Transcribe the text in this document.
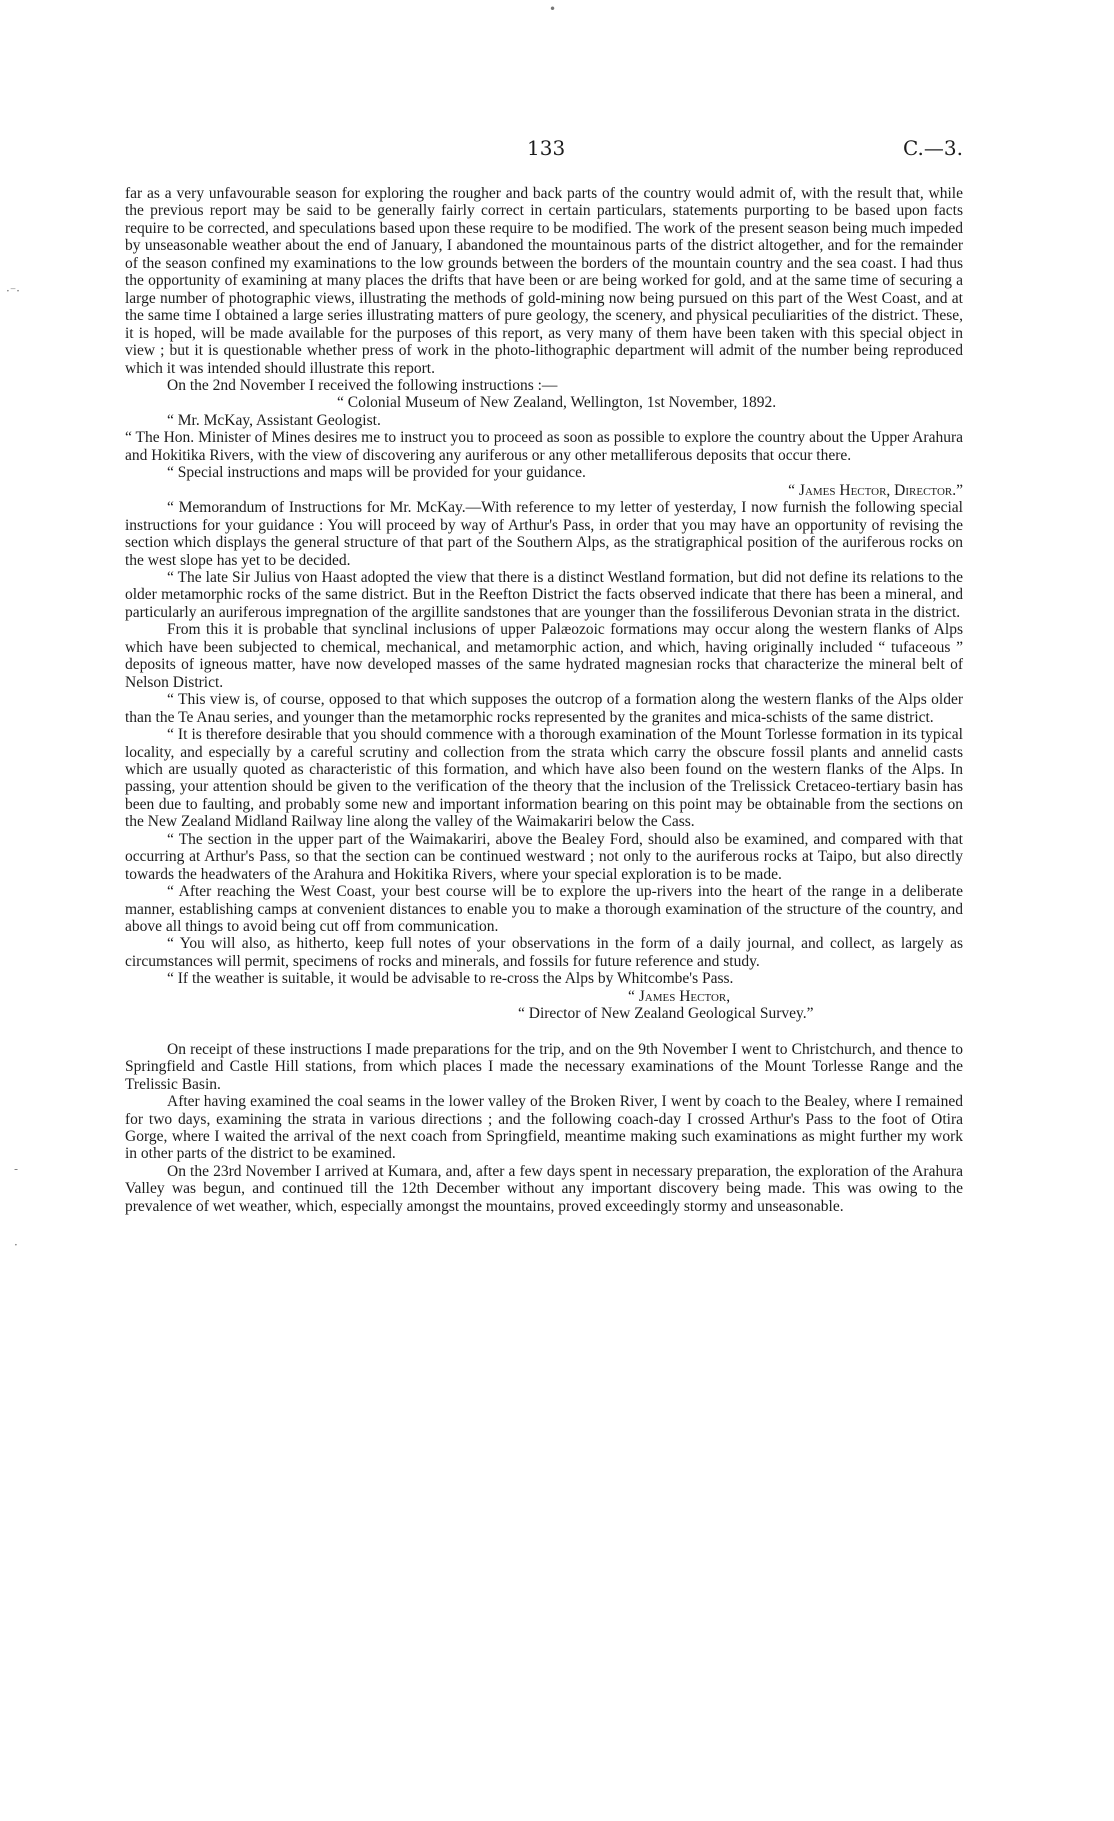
•
·⁻·
-
·
133	C.—3.

far as a very unfavourable season for exploring the rougher and back parts of the country would admit of, with the result that, while the previous report may be said to be generally fairly correct in certain particulars, statements purporting to be based upon facts require to be corrected, and speculations based upon these require to be modified. The work of the present season being much impeded by unseasonable weather about the end of January, I abandoned the mountainous parts of the district altogether, and for the remainder of the season confined my examinations to the low grounds between the borders of the mountain country and the sea coast. I had thus the opportunity of examining at many places the drifts that have been or are being worked for gold, and at the same time of securing a large number of photographic views, illustrating the methods of gold-mining now being pursued on this part of the West Coast, and at the same time I obtained a large series illustrating matters of pure geology, the scenery, and physical peculiarities of the district. These, it is hoped, will be made available for the purposes of this report, as very many of them have been taken with this special object in view ; but it is questionable whether press of work in the photo-lithographic department will admit of the number being reproduced which it was intended should illustrate this report.

On the 2nd November I received the following instructions :—

“ Colonial Museum of New Zealand, Wellington, 1st November, 1892.

“ Mr. McKay, Assistant Geologist.

“ The Hon. Minister of Mines desires me to instruct you to proceed as soon as possible to explore the country about the Upper Arahura and Hokitika Rivers, with the view of discovering any auriferous or any other metalliferous deposits that occur there.

“ Special instructions and maps will be provided for your guidance.

“ James Hector, Director.”

“ Memorandum of Instructions for Mr. McKay.—With reference to my letter of yesterday, I now furnish the following special instructions for your guidance : You will proceed by way of Arthur's Pass, in order that you may have an opportunity of revising the section which displays the general structure of that part of the Southern Alps, as the stratigraphical position of the auriferous rocks on the west slope has yet to be decided.

“ The late Sir Julius von Haast adopted the view that there is a distinct Westland formation, but did not define its relations to the older metamorphic rocks of the same district. But in the Reefton District the facts observed indicate that there has been a mineral, and particularly an auriferous impregnation of the argillite sandstones that are younger than the fossiliferous Devonian strata in the district.

From this it is probable that synclinal inclusions of upper Palæozoic formations may occur along the western flanks of Alps which have been subjected to chemical, mechanical, and metamorphic action, and which, having originally included “ tufaceous ” deposits of igneous matter, have now developed masses of the same hydrated magnesian rocks that characterize the mineral belt of Nelson District.

“ This view is, of course, opposed to that which supposes the outcrop of a formation along the western flanks of the Alps older than the Te Anau series, and younger than the metamorphic rocks represented by the granites and mica-schists of the same district.

“ It is therefore desirable that you should commence with a thorough examination of the Mount Torlesse formation in its typical locality, and especially by a careful scrutiny and collection from the strata which carry the obscure fossil plants and annelid casts which are usually quoted as characteristic of this formation, and which have also been found on the western flanks of the Alps. In passing, your attention should be given to the verification of the theory that the inclusion of the Trelissick Cretaceo-tertiary basin has been due to faulting, and probably some new and important information bearing on this point may be obtainable from the sections on the New Zealand Midland Railway line along the valley of the Waimakariri below the Cass.

“ The section in the upper part of the Waimakariri, above the Bealey Ford, should also be examined, and compared with that occurring at Arthur's Pass, so that the section can be continued westward ; not only to the auriferous rocks at Taipo, but also directly towards the headwaters of the Arahura and Hokitika Rivers, where your special exploration is to be made.

“ After reaching the West Coast, your best course will be to explore the up-rivers into the heart of the range in a deliberate manner, establishing camps at convenient distances to enable you to make a thorough examination of the structure of the country, and above all things to avoid being cut off from communication.

“ You will also, as hitherto, keep full notes of your observations in the form of a daily journal, and collect, as largely as circumstances will permit, specimens of rocks and minerals, and fossils for future reference and study.

“ If the weather is suitable, it would be advisable to re-cross the Alps by Whitcombe's Pass.

“ James Hector,

“ Director of New Zealand Geological Survey.”

On receipt of these instructions I made preparations for the trip, and on the 9th November I went to Christchurch, and thence to Springfield and Castle Hill stations, from which places I made the necessary examinations of the Mount Torlesse Range and the Trelissic Basin.

After having examined the coal seams in the lower valley of the Broken River, I went by coach to the Bealey, where I remained for two days, examining the strata in various directions ; and the following coach-day I crossed Arthur's Pass to the foot of Otira Gorge, where I waited the arrival of the next coach from Springfield, meantime making such examinations as might further my work in other parts of the district to be examined.

On the 23rd November I arrived at Kumara, and, after a few days spent in necessary preparation, the exploration of the Arahura Valley was begun, and continued till the 12th December without any important discovery being made. This was owing to the prevalence of wet weather, which, especially amongst the mountains, proved exceedingly stormy and unseasonable.
